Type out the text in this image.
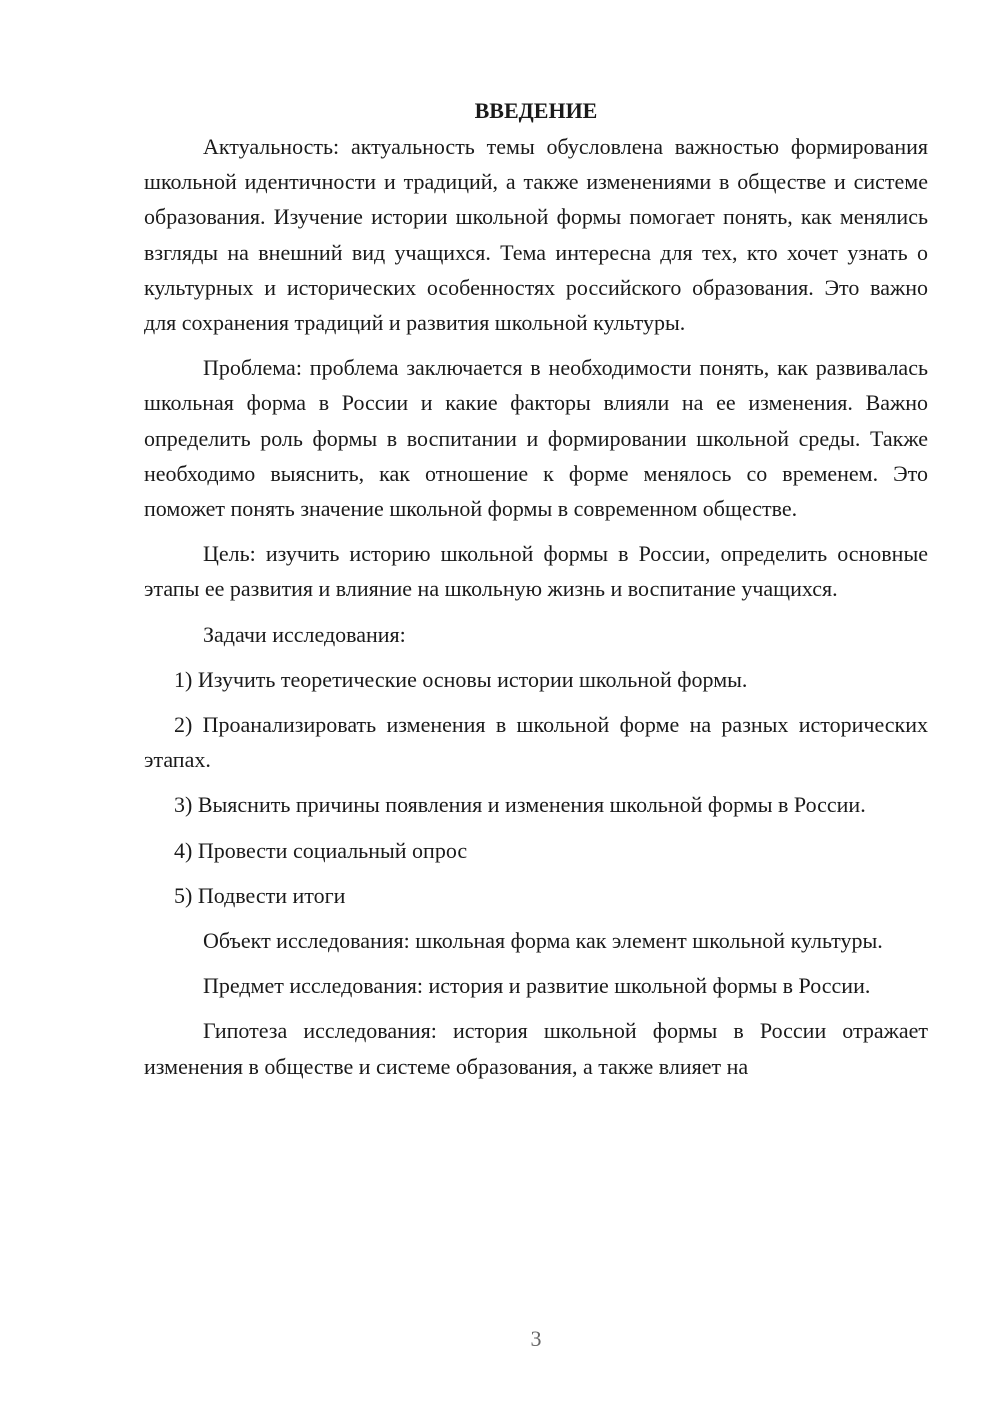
ВВЕДЕНИЕ

Актуальность: актуальность темы обусловлена важностью формирования школьной идентичности и традиций, а также изменениями в обществе и системе образования. Изучение истории школьной формы помогает понять, как менялись взгляды на внешний вид учащихся. Тема интересна для тех, кто хочет узнать о культурных и исторических особенностях российского образования. Это важно для сохранения традиций и развития школьной культуры.

Проблема: проблема заключается в необходимости понять, как развивалась школьная форма в России и какие факторы влияли на ее изменения. Важно определить роль формы в воспитании и формировании школьной среды. Также необходимо выяснить, как отношение к форме менялось со временем. Это поможет понять значение школьной формы в современном обществе.

Цель: изучить историю школьной формы в России, определить основные этапы ее развития и влияние на школьную жизнь и воспитание учащихся.

Задачи исследования:

1) Изучить теоретические основы истории школьной формы.

2) Проанализировать изменения в школьной форме на разных исторических этапах.

3) Выяснить причины появления и изменения школьной формы в России.

4) Провести социальный опрос

5) Подвести итоги

Объект исследования: школьная форма как элемент школьной культуры.

Предмет исследования: история и развитие школьной формы в России.

Гипотеза исследования: история школьной формы в России отражает изменения в обществе и системе образования, а также влияет на

3
